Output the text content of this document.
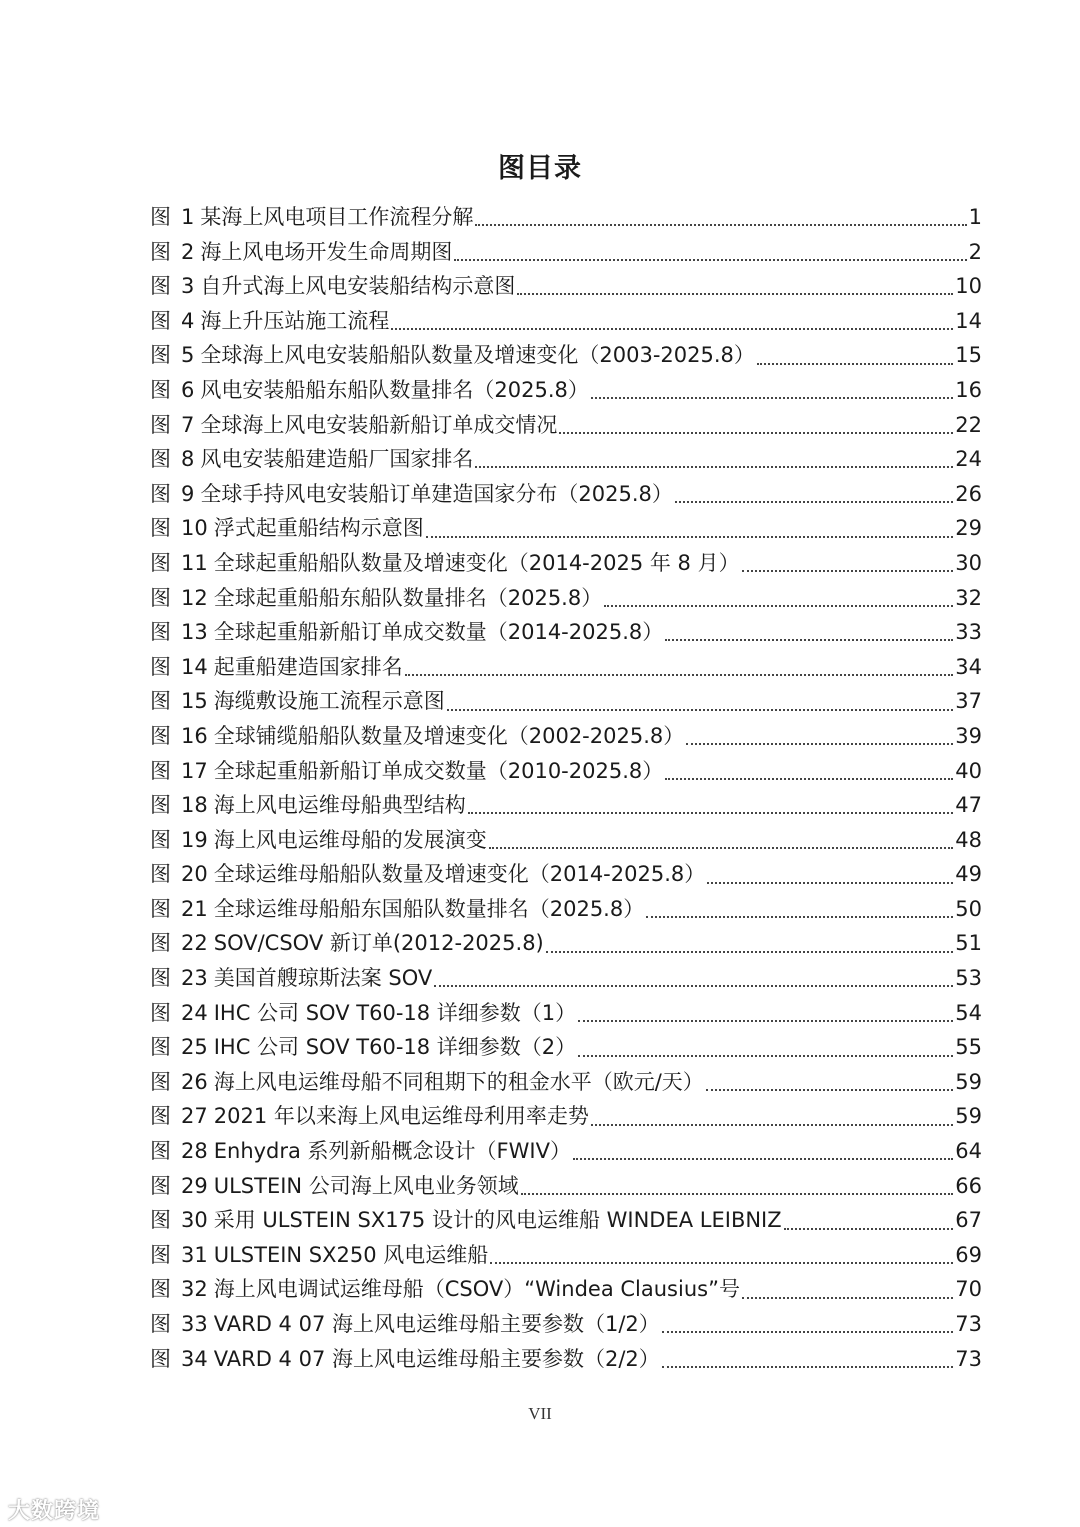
图目录
图 1 某海上风电项目工作流程分解	1
图 2 海上风电场开发生命周期图	2
图 3 自升式海上风电安装船结构示意图	10
图 4 海上升压站施工流程	14
图 5 全球海上风电安装船船队数量及增速变化（2003-2025.8）	15
图 6 风电安装船船东船队数量排名（2025.8）	16
图 7 全球海上风电安装船新船订单成交情况	22
图 8 风电安装船建造船厂国家排名	24
图 9 全球手持风电安装船订单建造国家分布（2025.8）	26
图 10 浮式起重船结构示意图	29
图 11 全球起重船船队数量及增速变化（2014-2025 年 8 月）	30
图 12 全球起重船船东船队数量排名（2025.8）	32
图 13 全球起重船新船订单成交数量（2014-2025.8）	33
图 14 起重船建造国家排名	34
图 15 海缆敷设施工流程示意图	37
图 16 全球铺缆船船队数量及增速变化（2002-2025.8）	39
图 17 全球起重船新船订单成交数量（2010-2025.8）	40
图 18 海上风电运维母船典型结构	47
图 19 海上风电运维母船的发展演变	48
图 20 全球运维母船船队数量及增速变化（2014-2025.8）	49
图 21 全球运维母船船东国船队数量排名（2025.8）	50
图 22 SOV/CSOV 新订单(2012-2025.8)	51
图 23 美国首艘琼斯法案 SOV	53
图 24 IHC 公司 SOV T60-18 详细参数（1）	54
图 25 IHC 公司 SOV T60-18 详细参数（2）	55
图 26 海上风电运维母船不同租期下的租金水平（欧元/天）	59
图 27 2021 年以来海上风电运维母利用率走势	59
图 28 Enhydra 系列新船概念设计（FWIV）	64
图 29 ULSTEIN 公司海上风电业务领域	66
图 30 采用 ULSTEIN SX175 设计的风电运维船 WINDEA LEIBNIZ	67
图 31 ULSTEIN SX250 风电运维船	69
图 32 海上风电调试运维母船（CSOV）“Windea Clausius”号	70
图 33 VARD 4 07 海上风电运维母船主要参数（1/2）	73
图 34 VARD 4 07 海上风电运维母船主要参数（2/2）	73
VII
大数跨境
